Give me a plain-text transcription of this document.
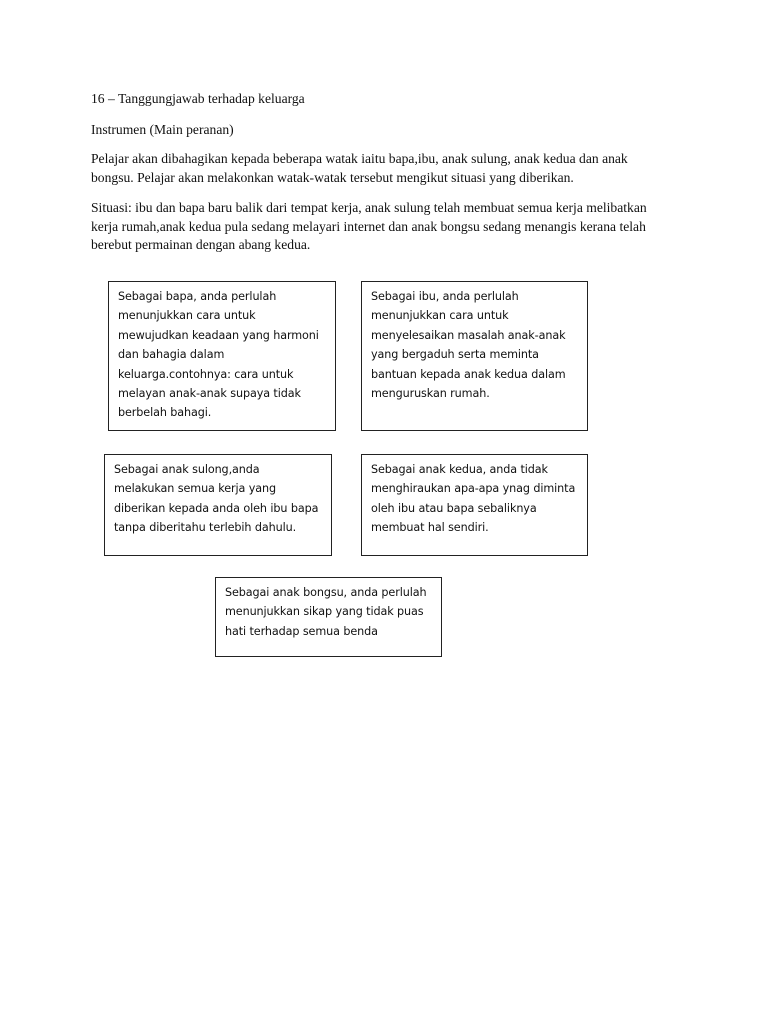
16 – Tanggungjawab terhadap keluarga
Instrumen (Main peranan)
Pelajar akan dibahagikan kepada beberapa watak iaitu bapa,ibu, anak sulung, anak kedua dan anak bongsu. Pelajar akan melakonkan watak-watak tersebut mengikut situasi yang diberikan.
Situasi: ibu dan bapa baru balik dari tempat kerja, anak sulung telah membuat semua kerja melibatkan kerja rumah,anak kedua pula sedang melayari internet dan anak bongsu sedang menangis kerana telah berebut permainan dengan abang kedua.
Sebagai bapa, anda perlulah menunjukkan cara untuk mewujudkan keadaan yang harmoni dan bahagia dalam keluarga.contohnya: cara untuk melayan anak-anak supaya tidak berbelah bahagi.
Sebagai ibu, anda perlulah menunjukkan cara untuk menyelesaikan masalah anak-anak yang bergaduh serta meminta bantuan kepada anak kedua dalam menguruskan rumah.
Sebagai anak sulong,anda melakukan semua kerja yang diberikan kepada anda oleh ibu bapa tanpa diberitahu terlebih dahulu.
Sebagai anak kedua, anda tidak menghiraukan apa-apa ynag diminta oleh ibu atau bapa sebaliknya membuat hal sendiri.
Sebagai anak bongsu, anda perlulah menunjukkan sikap yang tidak puas hati terhadap semua benda
